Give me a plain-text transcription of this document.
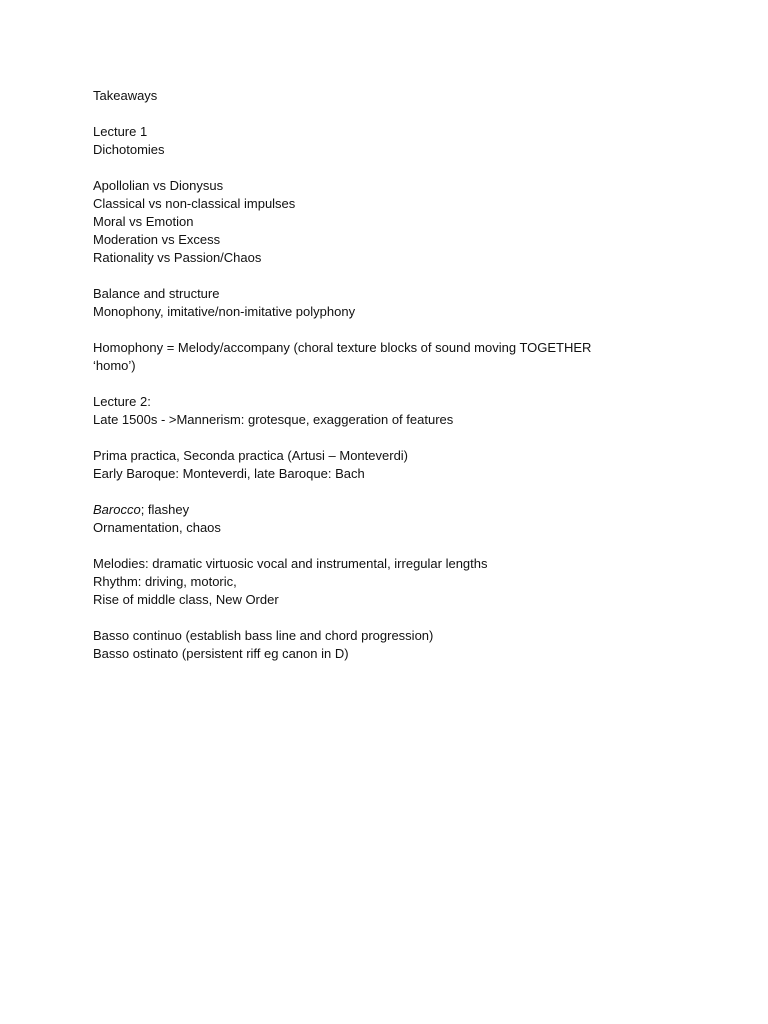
Takeaways
Lecture 1
Dichotomies
Apollolian vs Dionysus
Classical vs non-classical impulses
Moral vs Emotion
Moderation vs Excess
Rationality vs Passion/Chaos
Balance and structure
Monophony, imitative/non-imitative polyphony
Homophony = Melody/accompany (choral texture blocks of sound moving TOGETHER
‘homo’)
Lecture 2:
Late 1500s - >Mannerism: grotesque, exaggeration of features
Prima practica, Seconda practica (Artusi – Monteverdi)
Early Baroque: Monteverdi, late Baroque: Bach
Barocco; flashey
Ornamentation, chaos
Melodies: dramatic virtuosic vocal and instrumental, irregular lengths
Rhythm: driving, motoric,
Rise of middle class, New Order
Basso continuo (establish bass line and chord progression)
Basso ostinato (persistent riff eg canon in D)
